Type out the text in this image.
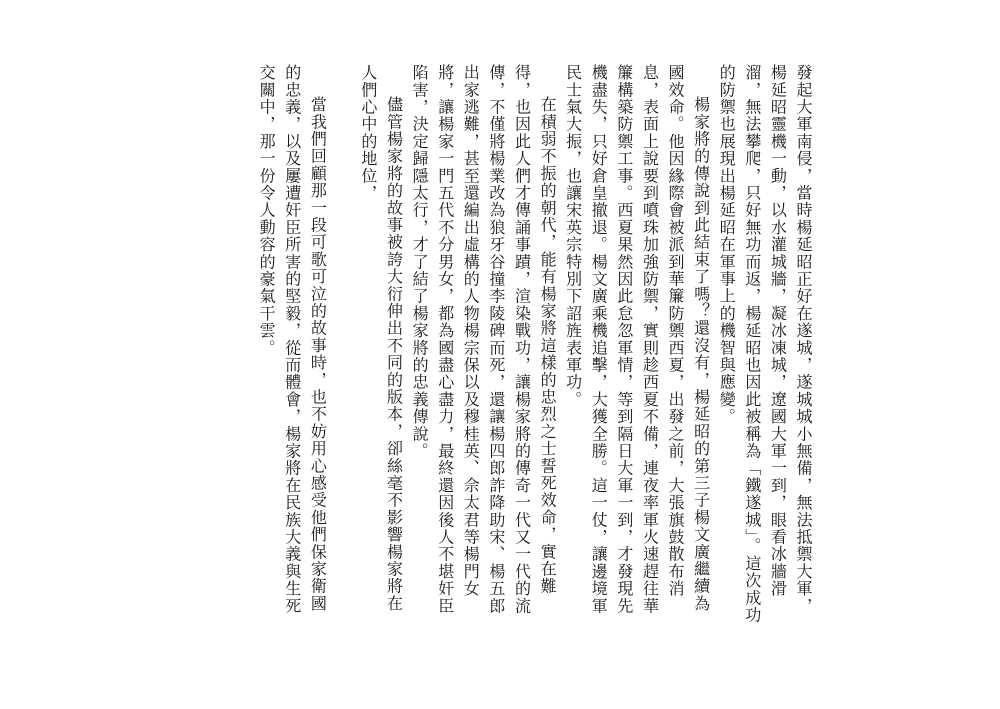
發起大軍南侵，當時楊延昭正好在遂城，遂城城小無備，無法抵禦大軍，楊延昭靈機一動，以水灌城牆，凝冰凍城，遼國大軍一到，眼看冰牆滑溜，無法攀爬，只好無功而返，楊延昭也因此被稱為「鐵遂城」。這次成功的防禦也展現出楊延昭在軍事上的機智與應變。

楊家將的傳說到此結束了嗎？還沒有，楊延昭的第三子楊文廣繼續為國效命。他因緣際會被派到華簾防禦西夏，出發之前，大張旗鼓散布消息，表面上說要到噴珠加強防禦，實則趁西夏不備，連夜率軍火速趕往華簾構築防禦工事。西夏果然因此怠忽軍情，等到隔日大軍一到，才發現先機盡失，只好倉皇撤退。楊文廣乘機追擊，大獲全勝。這一仗，讓邊境軍民士氣大振，也讓宋英宗特別下詔旌表軍功。

在積弱不振的朝代，能有楊家將這樣的忠烈之士誓死效命，實在難得，也因此人們才傳誦事蹟，渲染戰功，讓楊家將的傳奇一代又一代的流傳，不僅將楊業改為狼牙谷撞李陵碑而死，還讓楊四郎詐降助宋、楊五郎出家逃難，甚至還編出虛構的人物楊宗保以及穆桂英、佘太君等楊門女將，讓楊家一門五代不分男女，都為國盡心盡力，最終還因後人不堪奸臣陷害，決定歸隱太行，才了結了楊家將的忠義傳說。

儘管楊家將的故事被誇大衍伸出不同的版本，卻絲毫不影響楊家將在人們心中的地位，

當我們回顧那一段可歌可泣的故事時，也不妨用心感受他們保家衛國的忠義，以及屢遭奸臣所害的堅毅，從而體會，楊家將在民族大義與生死交關中，那一份令人動容的豪氣干雲。
